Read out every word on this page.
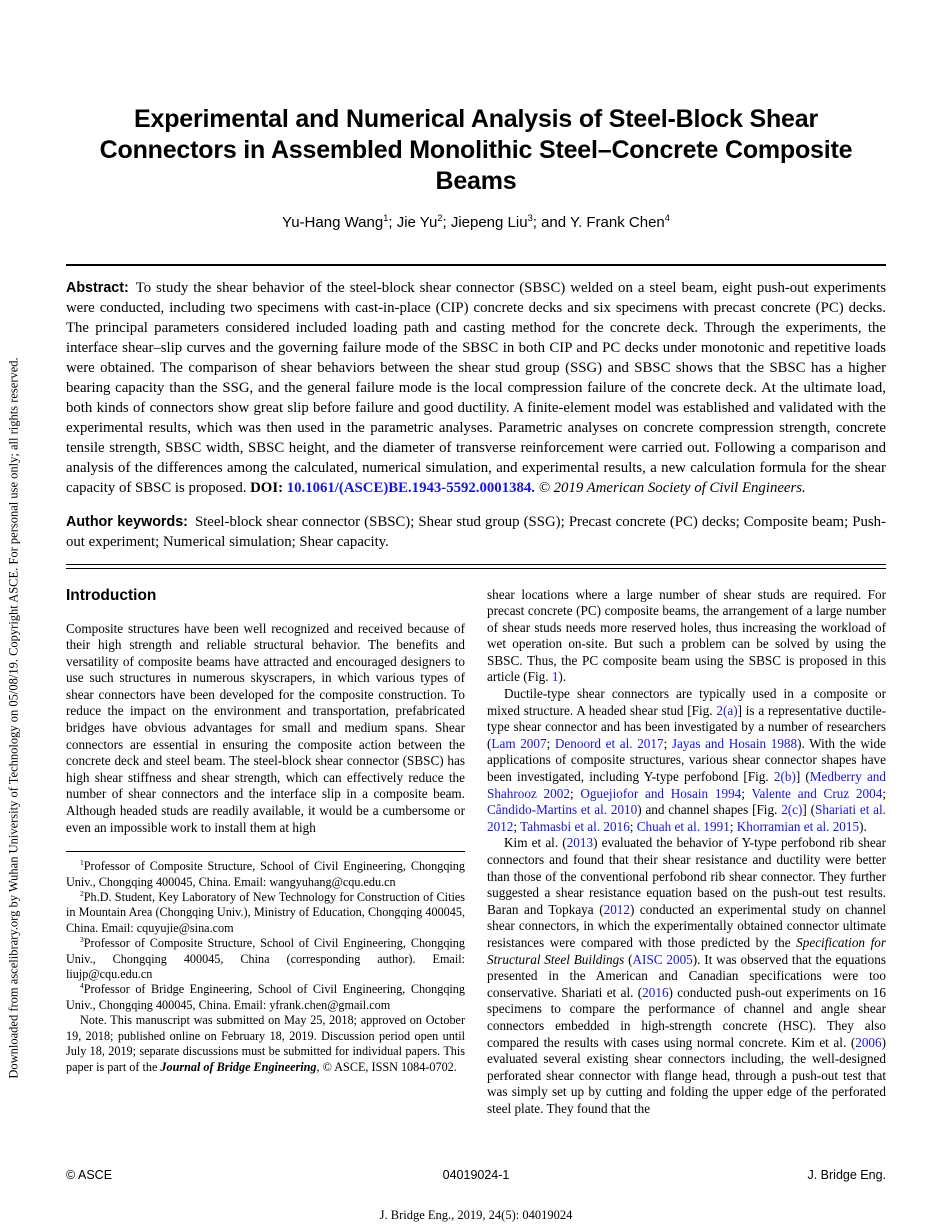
Downloaded from ascelibrary.org by Wuhan University of Technology on 05/08/19. Copyright ASCE. For personal use only; all rights reserved.
Experimental and Numerical Analysis of Steel-Block Shear Connectors in Assembled Monolithic Steel–Concrete Composite Beams
Yu-Hang Wang$^1$; Jie Yu$^2$; Jiepeng Liu$^3$; and Y. Frank Chen$^4$

Abstract: To study the shear behavior of the steel-block shear connector (SBSC) welded on a steel beam, eight push-out experiments were conducted, including two specimens with cast-in-place (CIP) concrete decks and six specimens with precast concrete (PC) decks. The principal parameters considered included loading path and casting method for the concrete deck. Through the experiments, the interface shear–slip curves and the governing failure mode of the SBSC in both CIP and PC decks under monotonic and repetitive loads were obtained. The comparison of shear behaviors between the shear stud group (SSG) and SBSC shows that the SBSC has a higher bearing capacity than the SSG, and the general failure mode is the local compression failure of the concrete deck. At the ultimate load, both kinds of connectors show great slip before failure and good ductility. A finite-element model was established and validated with the experimental results, which was then used in the parametric analyses. Parametric analyses on concrete compression strength, concrete tensile strength, SBSC width, SBSC height, and the diameter of transverse reinforcement were carried out. Following a comparison and analysis of the differences among the calculated, numerical simulation, and experimental results, a new calculation formula for the shear capacity of SBSC is proposed. DOI: 10.1061/(ASCE)BE.1943-5592.0001384. © 2019 American Society of Civil Engineers.

Author keywords: Steel-block shear connector (SBSC); Shear stud group (SSG); Precast concrete (PC) decks; Composite beam; Push-out experiment; Numerical simulation; Shear capacity.

Introduction

Composite structures have been well recognized and received because of their high strength and reliable structural behavior. The benefits and versatility of composite beams have attracted and encouraged designers to use such structures in numerous skyscrapers, in which various types of shear connectors have been developed for the composite construction. To reduce the impact on the environment and transportation, prefabricated bridges have obvious advantages for small and medium spans. Shear connectors are essential in ensuring the composite action between the concrete deck and steel beam. The steel-block shear connector (SBSC) has high shear stiffness and shear strength, which can effectively reduce the number of shear connectors and the interface slip in a composite beam. Although headed studs are readily available, it would be a cumbersome or even an impossible work to install them at high

$^1$Professor of Composite Structure, School of Civil Engineering, Chongqing Univ., Chongqing 400045, China. Email: wangyuhang@cqu.edu.cn

$^2$Ph.D. Student, Key Laboratory of New Technology for Construction of Cities in Mountain Area (Chongqing Univ.), Ministry of Education, Chongqing 400045, China. Email: cquyujie@sina.com

$^3$Professor of Composite Structure, School of Civil Engineering, Chongqing Univ., Chongqing 400045, China (corresponding author). Email: liujp@cqu.edu.cn

$^4$Professor of Bridge Engineering, School of Civil Engineering, Chongqing Univ., Chongqing 400045, China. Email: yfrank.chen@gmail.com

Note. This manuscript was submitted on May 25, 2018; approved on October 19, 2018; published online on February 18, 2019. Discussion period open until July 18, 2019; separate discussions must be submitted for individual papers. This paper is part of the Journal of Bridge Engineering, © ASCE, ISSN 1084-0702.

shear locations where a large number of shear studs are required. For precast concrete (PC) composite beams, the arrangement of a large number of shear studs needs more reserved holes, thus increasing the workload of wet operation on-site. But such a problem can be solved by using the SBSC. Thus, the PC composite beam using the SBSC is proposed in this article (Fig. 1).

Ductile-type shear connectors are typically used in a composite or mixed structure. A headed shear stud [Fig. 2(a)] is a representative ductile-type shear connector and has been investigated by a number of researchers (Lam 2007; Denoord et al. 2017; Jayas and Hosain 1988). With the wide applications of composite structures, various shear connector shapes have been investigated, including Y-type perfobond [Fig. 2(b)] (Medberry and Shahrooz 2002; Oguejiofor and Hosain 1994; Valente and Cruz 2004; Cândido-Martins et al. 2010) and channel shapes [Fig. 2(c)] (Shariati et al. 2012; Tahmasbi et al. 2016; Chuah et al. 1991; Khorramian et al. 2015).

Kim et al. (2013) evaluated the behavior of Y-type perfobond rib shear connectors and found that their shear resistance and ductility were better than those of the conventional perfobond rib shear connector. They further suggested a shear resistance equation based on the push-out test results. Baran and Topkaya (2012) conducted an experimental study on channel shear connectors, in which the experimentally obtained connector ultimate resistances were compared with those predicted by the Specification for Structural Steel Buildings (AISC 2005). It was observed that the equations presented in the American and Canadian specifications were too conservative. Shariati et al. (2016) conducted push-out experiments on 16 specimens to compare the performance of channel and angle shear connectors embedded in high-strength concrete (HSC). They also compared the results with cases using normal concrete. Kim et al. (2006) evaluated several existing shear connectors including, the well-designed perforated shear connector with flange head, through a push-out test that was simply set up by cutting and folding the upper edge of the perforated steel plate. They found that the

© ASCE	04019024-1	J. Bridge Eng.
J. Bridge Eng., 2019, 24(5): 04019024
